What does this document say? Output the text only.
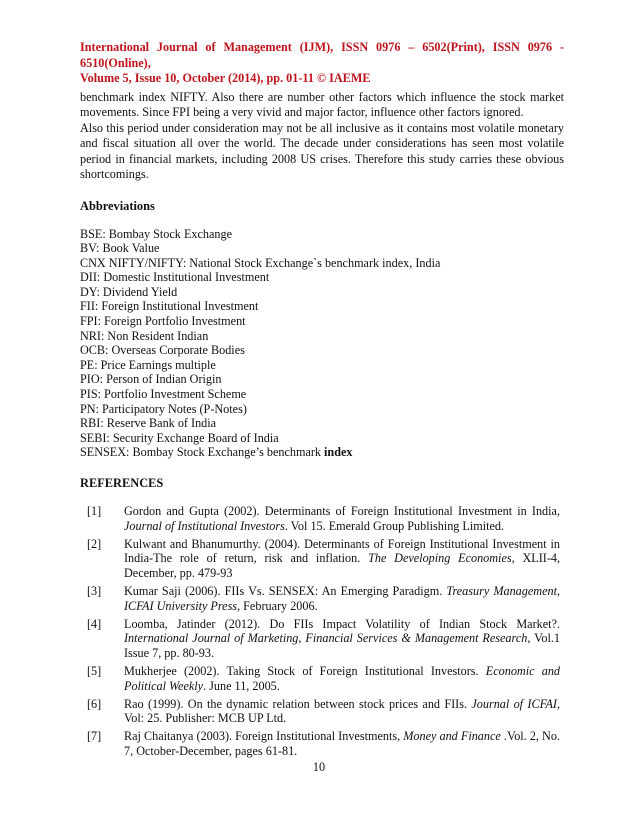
International Journal of Management (IJM), ISSN 0976 – 6502(Print), ISSN 0976 - 6510(Online),
Volume 5, Issue 10, October (2014), pp. 01-11 © IAEME

benchmark index NIFTY. Also there are number other factors which influence the stock market movements. Since FPI being a very vivid and major factor, influence other factors ignored.

Also this period under consideration may not be all inclusive as it contains most volatile monetary and fiscal situation all over the world. The decade under considerations has seen most volatile period in financial markets, including 2008 US crises. Therefore this study carries these obvious shortcomings.

Abbreviations
BSE: Bombay Stock Exchange
BV: Book Value
CNX NIFTY/NIFTY: National Stock Exchange`s benchmark index, India
DII: Domestic Institutional Investment
DY: Dividend Yield
FII: Foreign Institutional Investment
FPI: Foreign Portfolio Investment
NRI: Non Resident Indian
OCB: Overseas Corporate Bodies
PE: Price Earnings multiple
PIO: Person of Indian Origin
PIS: Portfolio Investment Scheme
PN: Participatory Notes (P-Notes)
RBI: Reserve Bank of India
SEBI: Security Exchange Board of India
SENSEX: Bombay Stock Exchange’s benchmark index
REFERENCES
[1] Gordon and Gupta (2002). Determinants of Foreign Institutional Investment in India, Journal of Institutional Investors. Vol 15. Emerald Group Publishing Limited.
[2] Kulwant and Bhanumurthy. (2004). Determinants of Foreign Institutional Investment in India-The role of return, risk and inflation. The Developing Economies, XLII-4, December, pp. 479-93
[3] Kumar Saji (2006). FIIs Vs. SENSEX: An Emerging Paradigm. Treasury Management, ICFAI University Press, February 2006.
[4] Loomba, Jatinder (2012). Do FIIs Impact Volatility of Indian Stock Market?. International Journal of Marketing, Financial Services & Management Research, Vol.1 Issue 7, pp. 80-93.
[5] Mukherjee (2002). Taking Stock of Foreign Institutional Investors. Economic and Political Weekly. June 11, 2005.
[6] Rao (1999). On the dynamic relation between stock prices and FIIs. Journal of ICFAI, Vol: 25. Publisher: MCB UP Ltd.
[7] Raj Chaitanya (2003). Foreign Institutional Investments, Money and Finance .Vol. 2, No. 7, October-December, pages 61-81.
10
